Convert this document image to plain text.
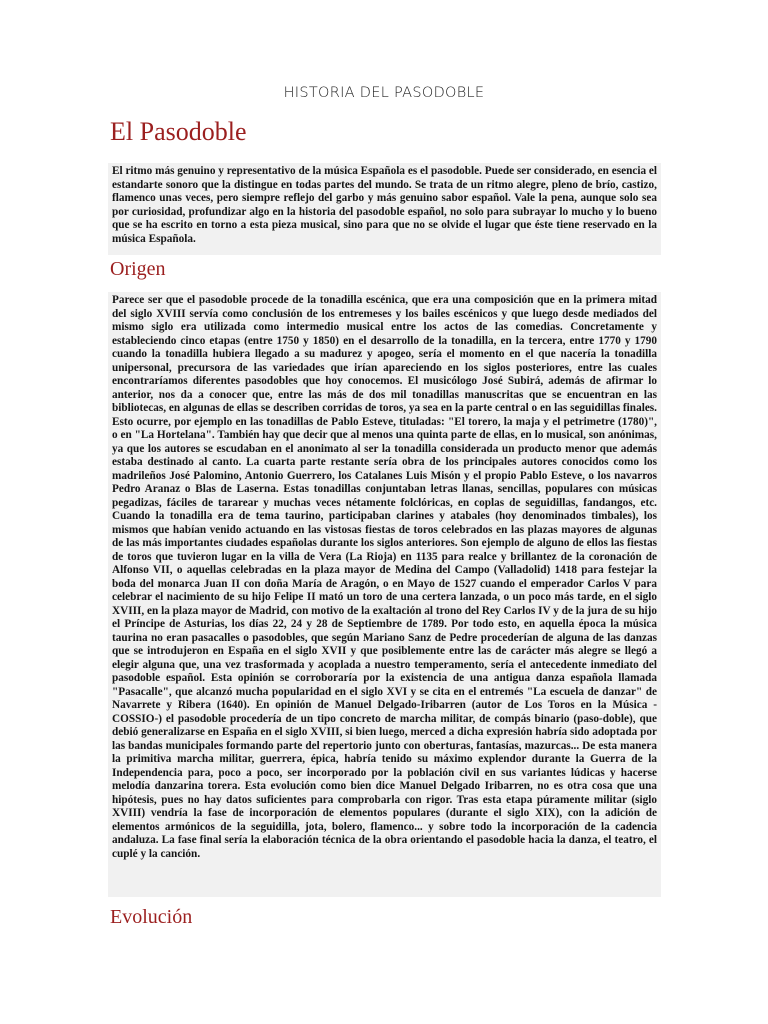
HISTORIA DEL PASODOBLE
El Pasodoble
El ritmo más genuino y representativo de la música Española es el pasodoble. Puede ser considerado, en esencia el estandarte sonoro que la distingue en todas partes del mundo. Se trata de un ritmo alegre, pleno de brío, castizo, flamenco unas veces, pero siempre reflejo del garbo y más genuino sabor español. Vale la pena, aunque solo sea por curiosidad, profundizar algo en la historia del pasodoble español, no solo para subrayar lo mucho y lo bueno que se ha escrito en torno a esta pieza musical, sino para que no se olvide el lugar que éste tiene reservado en la música Española.
Origen
Parece ser que el pasodoble procede de la tonadilla escénica, que era una composición que en la primera mitad del siglo XVIII servía como conclusión de los entremeses y los bailes escénicos y que luego desde mediados del mismo siglo era utilizada como intermedio musical entre los actos de las comedias. Concretamente y estableciendo cinco etapas (entre 1750 y 1850) en el desarrollo de la tonadilla, en la tercera, entre 1770 y 1790 cuando la tonadilla hubiera llegado a su madurez y apogeo, sería el momento en el que nacería la tonadilla unipersonal, precursora de las variedades que irían apareciendo en los siglos posteriores, entre las cuales encontraríamos diferentes pasodobles que hoy conocemos. El musicólogo José Subirá, además de afirmar lo anterior, nos da a conocer que, entre las más de dos mil tonadillas manuscritas que se encuentran en las bibliotecas, en algunas de ellas se describen corridas de toros, ya sea en la parte central o en las seguidillas finales. Esto ocurre, por ejemplo en las tonadillas de Pablo Esteve, tituladas: "El torero, la maja y el petrimetre (1780)", o en "La Hortelana". También hay que decir que al menos una quinta parte de ellas, en lo musical, son anónimas, ya que los autores se escudaban en el anonimato al ser la tonadilla considerada un producto menor que además estaba destinado al canto. La cuarta parte restante sería obra de los principales autores conocidos como los madrileños José Palomino, Antonio Guerrero, los Catalanes Luis Misón y el propio Pablo Esteve, o los navarros Pedro Aranaz o Blas de Laserna. Estas tonadillas conjuntaban letras llanas, sencillas, populares con músicas pegadizas, fáciles de tararear y muchas veces nétamente folclóricas, en coplas de seguidillas, fandangos, etc. Cuando la tonadilla era de tema taurino, participaban clarines y atabales (hoy denominados timbales), los mismos que habían venido actuando en las vistosas fiestas de toros celebrados en las plazas mayores de algunas de las más importantes ciudades españolas durante los siglos anteriores. Son ejemplo de alguno de ellos las fiestas de toros que tuvieron lugar en la villa de Vera (La Rioja) en 1135 para realce y brillantez de la coronación de Alfonso VII, o aquellas celebradas en la plaza mayor de Medina del Campo (Valladolid) 1418 para festejar la boda del monarca Juan II con doña María de Aragón, o en Mayo de 1527 cuando el emperador Carlos V para celebrar el nacimiento de su hijo Felipe II mató un toro de una certera lanzada, o un poco más tarde, en el siglo XVIII, en la plaza mayor de Madrid, con motivo de la exaltación al trono del Rey Carlos IV y de la jura de su hijo el Príncipe de Asturias, los días 22, 24 y 28 de Septiembre de 1789. Por todo esto, en aquella época la música taurina no eran pasacalles o pasodobles, que según Mariano Sanz de Pedre procederían de alguna de las danzas que se introdujeron en España en el siglo XVII y que posiblemente entre las de carácter más alegre se llegó a elegir alguna que, una vez trasformada y acoplada a nuestro temperamento, sería el antecedente inmediato del pasodoble español. Esta opinión se corroboraría por la existencia de una antigua danza española llamada "Pasacalle", que alcanzó mucha popularidad en el siglo XVI y se cita en el entremés "La escuela de danzar" de Navarrete y Ribera (1640). En opinión de Manuel Delgado-Iribarren (autor de Los Toros en la Música - COSSIO-) el pasodoble procedería de un tipo concreto de marcha militar, de compás binario (paso-doble), que debió generalizarse en España en el siglo XVIII, si bien luego, merced a dicha expresión habría sido adoptada por las bandas municipales formando parte del repertorio junto con oberturas, fantasías, mazurcas... De esta manera la primitiva marcha militar, guerrera, épica, habría tenido su máximo explendor durante la Guerra de la Independencia para, poco a poco, ser incorporado por la población civil en sus variantes lúdicas y hacerse melodía danzarina torera. Esta evolución como bien dice Manuel Delgado Iribarren, no es otra cosa que una hipótesis, pues no hay datos suficientes para comprobarla con rigor. Tras esta etapa púramente militar (siglo XVIII) vendría la fase de incorporación de elementos populares (durante el siglo XIX), con la adición de elementos armónicos de la seguidilla, jota, bolero, flamenco... y sobre todo la incorporación de la cadencia andaluza. La fase final sería la elaboración técnica de la obra orientando el pasodoble hacia la danza, el teatro, el cuplé y la canción.
Evolución
